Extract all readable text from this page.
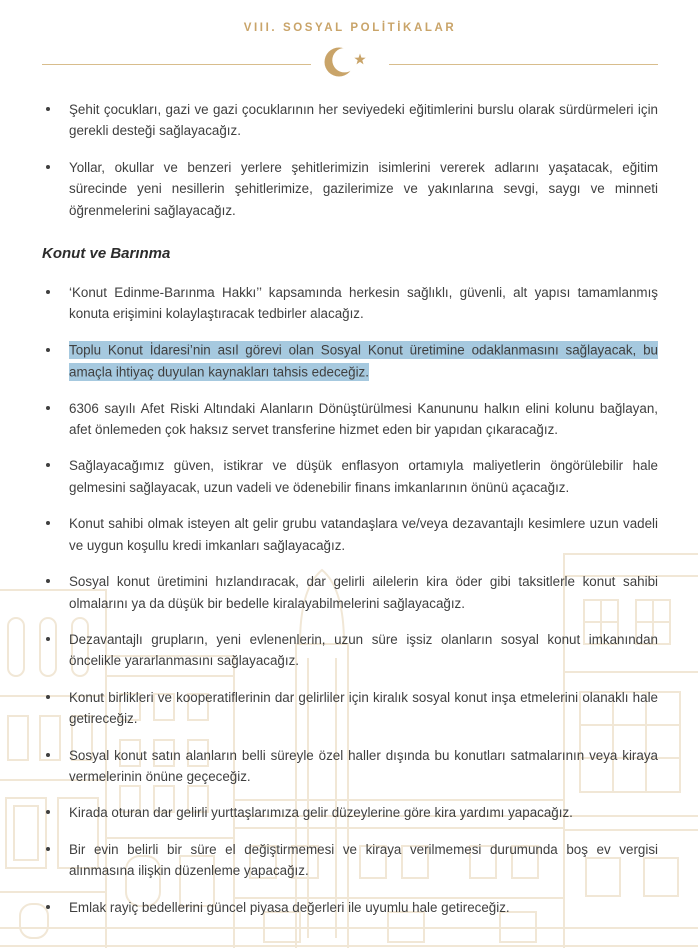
VIII. SOSYAL POLİTİKALAR
Şehit çocukları, gazi ve gazi çocuklarının her seviyedeki eğitimlerini burslu olarak sürdürmeleri için gerekli desteği sağlayacağız.
Yollar, okullar ve benzeri yerlere şehitlerimizin isimlerini vererek adlarını yaşatacak, eğitim sürecinde yeni nesillerin şehitlerimize, gazilerimize ve yakınlarına sevgi, saygı ve minneti öğrenmelerini sağlayacağız.
Konut ve Barınma
‘Konut Edinme-Barınma Hakkı’’ kapsamında herkesin sağlıklı, güvenli, alt yapısı tamamlanmış konuta erişimini kolaylaştıracak tedbirler alacağız.
Toplu Konut İdaresi’nin asıl görevi olan Sosyal Konut üretimine odaklanmasını sağlayacak, bu amaçla ihtiyaç duyulan kaynakları tahsis edeceğiz.
6306 sayılı Afet Riski Altındaki Alanların Dönüştürülmesi Kanununu halkın elini kolunu bağlayan, afet önlemeden çok haksız servet transferine hizmet eden bir yapıdan çıkaracağız.
Sağlayacağımız güven, istikrar ve düşük enflasyon ortamıyla maliyetlerin öngörülebilir hale gelmesini sağlayacak, uzun vadeli ve ödenebilir finans imkanlarının önünü açacağız.
Konut sahibi olmak isteyen alt gelir grubu vatandaşlara ve/veya dezavantajlı kesimlere uzun vadeli ve uygun koşullu kredi imkanları sağlayacağız.
Sosyal konut üretimini hızlandıracak, dar gelirli ailelerin kira öder gibi taksitlerle konut sahibi olmalarını ya da düşük bir bedelle kiralayabilmelerini sağlayacağız.
Dezavantajlı grupların, yeni evlenenlerin, uzun süre işsiz olanların sosyal konut imkanından öncelikle yararlanmasını sağlayacağız.
Konut birlikleri ve kooperatiflerinin dar gelirliler için kiralık sosyal konut inşa etmelerini olanaklı hale getireceğiz.
Sosyal konut satın alanların belli süreyle özel haller dışında bu konutları satmalarının veya kiraya vermelerinin önüne geçeceğiz.
Kirada oturan dar gelirli yurttaşlarımıza gelir düzeylerine göre kira yardımı yapacağız.
Bir evin belirli bir süre el değiştirmemesi ve kiraya verilmemesi durumunda boş ev vergisi alınmasına ilişkin düzenleme yapacağız.
Emlak rayiç bedellerini güncel piyasa değerleri ile uyumlu hale getireceğiz.
